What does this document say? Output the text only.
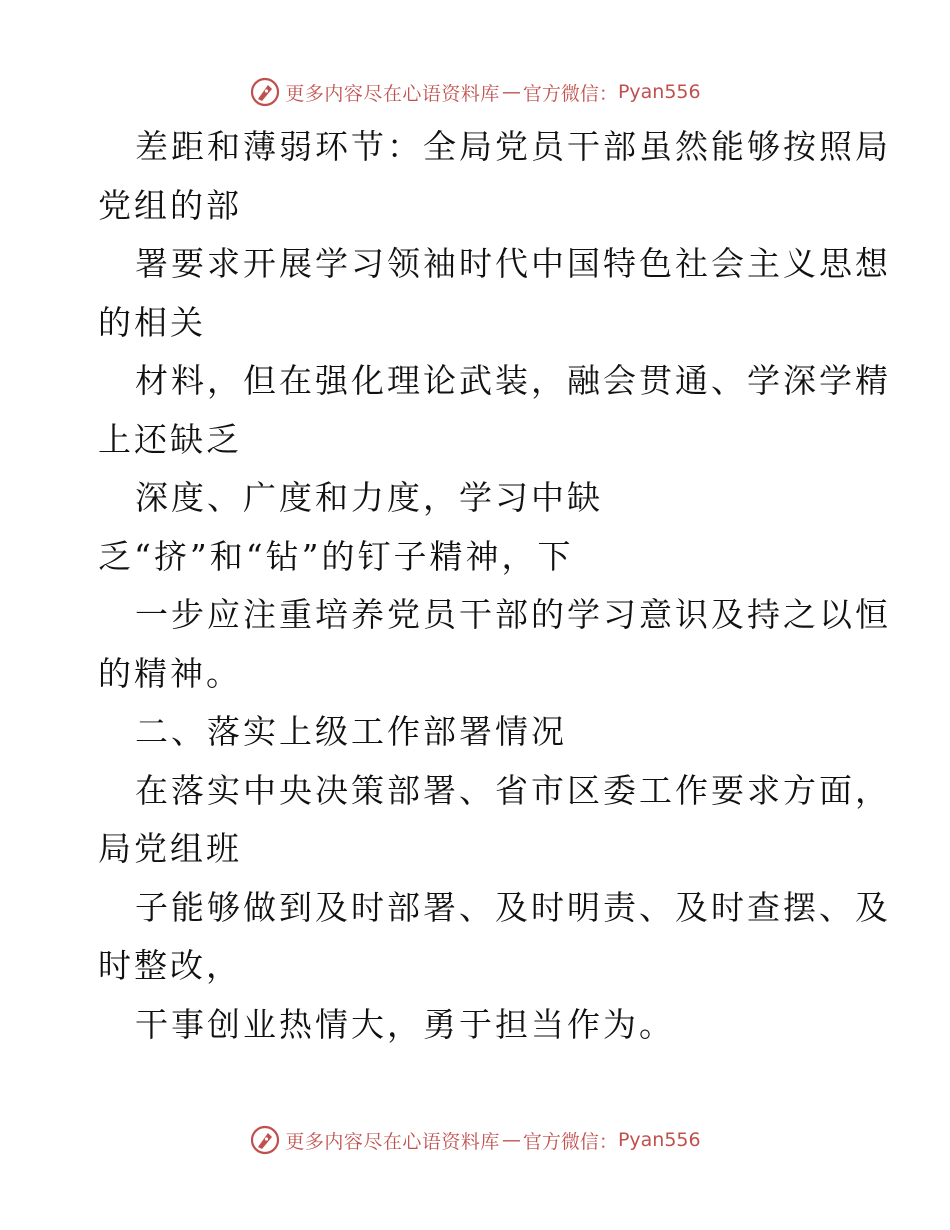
更多内容尽在心语资料库 — 官方微信： Pyan556
差距和薄弱环节：全局党员干部虽然能够按照局
党组的部
署要求开展学习领袖时代中国特色社会主义思想
的相关
材料，但在强化理论武装，融会贯通、学深学精
上还缺乏
深度、广度和力度，学习中缺
乏“挤”和“钻”的钉子精神，下
一步应注重培养党员干部的学习意识及持之以恒
的精神。
二、落实上级工作部署情况
在落实中央决策部署、省市区委工作要求方面，
局党组班
子能够做到及时部署、及时明责、及时查摆、及
时整改，
干事创业热情大，勇于担当作为。
更多内容尽在心语资料库 — 官方微信： Pyan556
